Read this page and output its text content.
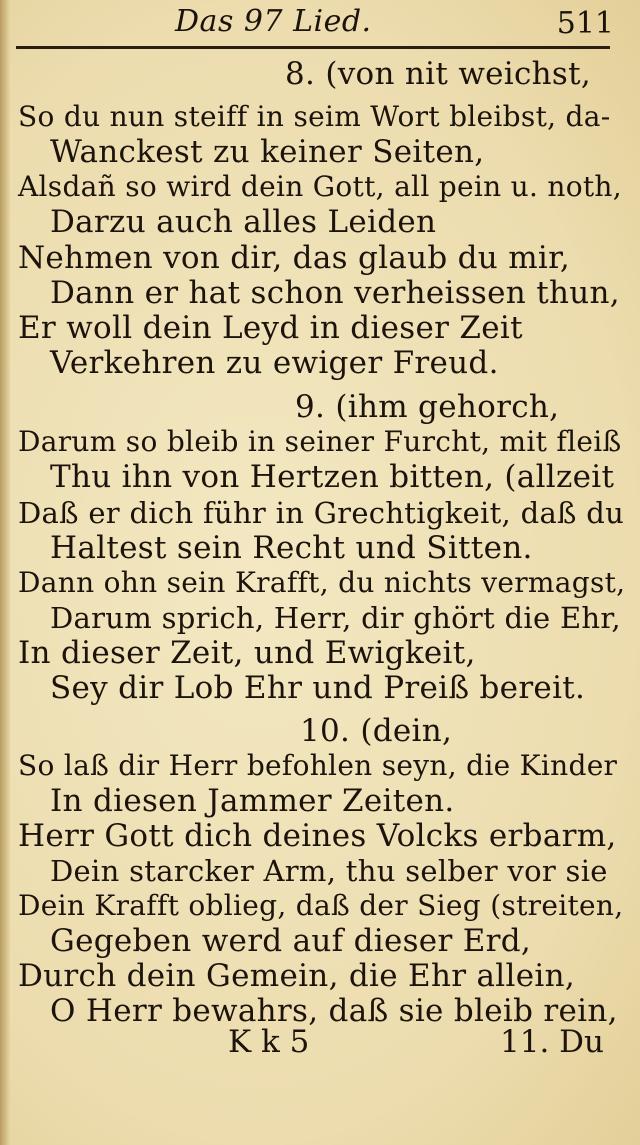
Das 97 Lied.	511
8. (von nit weichst,
So du nun steiff in seim Wort bleibst, da-
Wanckest zu keiner Seiten,
Alsdañ so wird dein Gott, all pein u. noth,
Darzu auch alles Leiden
Nehmen von dir, das glaub du mir,
Dann er hat schon verheissen thun,
Er woll dein Leyd in dieser Zeit
Verkehren zu ewiger Freud.
9. (ihm gehorch,
Darum so bleib in seiner Furcht, mit fleiß
Thu ihn von Hertzen bitten, (allzeit
Daß er dich führ in Grechtigkeit, daß du
Haltest sein Recht und Sitten.
Dann ohn sein Krafft, du nichts vermagst,
Darum sprich, Herr, dir ghört die Ehr,
In dieser Zeit, und Ewigkeit,
Sey dir Lob Ehr und Preiß bereit.
10. (dein,
So laß dir Herr befohlen seyn, die Kinder
In diesen Jammer Zeiten.
Herr Gott dich deines Volcks erbarm,
Dein starcker Arm, thu selber vor sie
Dein Krafft oblieg, daß der Sieg (streiten,
Gegeben werd auf dieser Erd,
Durch dein Gemein, die Ehr allein,
O Herr bewahrs, daß sie bleib rein,
K k 5	11. Du
